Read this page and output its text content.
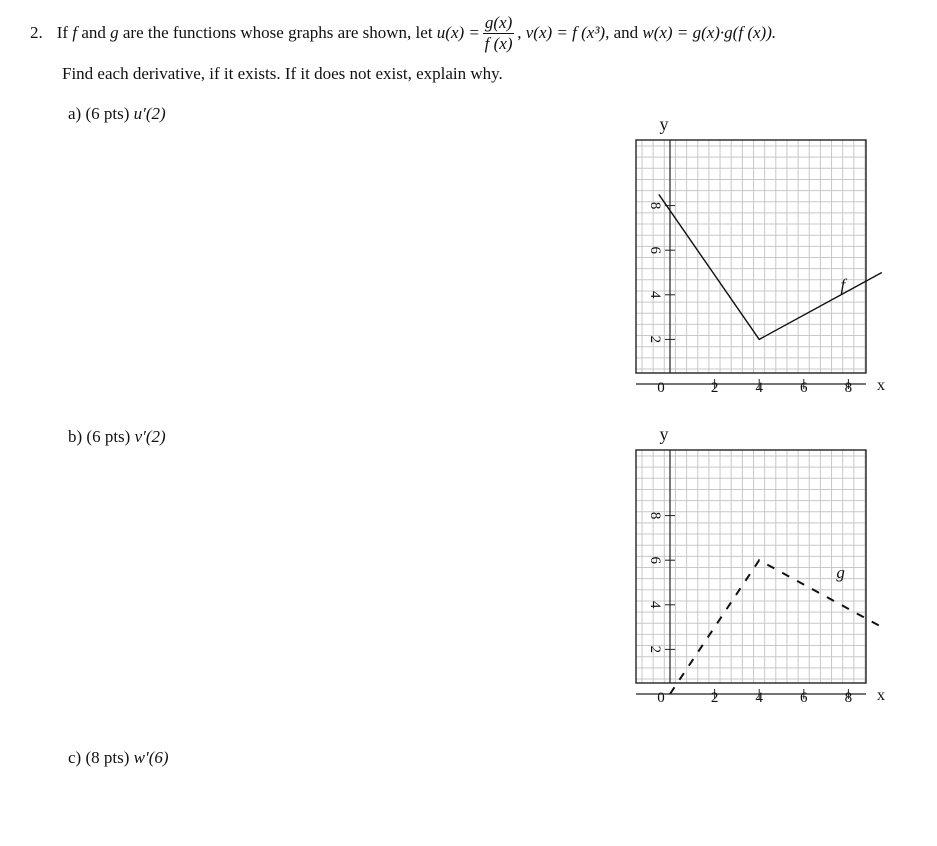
2. If
f
and
g
are the functions whose graphs are shown, let
$u(x) = \frac{g(x)}{f (x)}$ ,
v(x) = f (x³),
and
w(x) = g(x)·g(f (x)).
Find each derivative, if it exists. If it does not exist, explain why.
a) (6 pts) u′(2)
b) (6 pts) v′(2)
c) (8 pts) w′(6)
2
4
6
8
2 4 6 8
0
y
x
f
2
4
6
8
2 4 6 8
0
y
x
g
